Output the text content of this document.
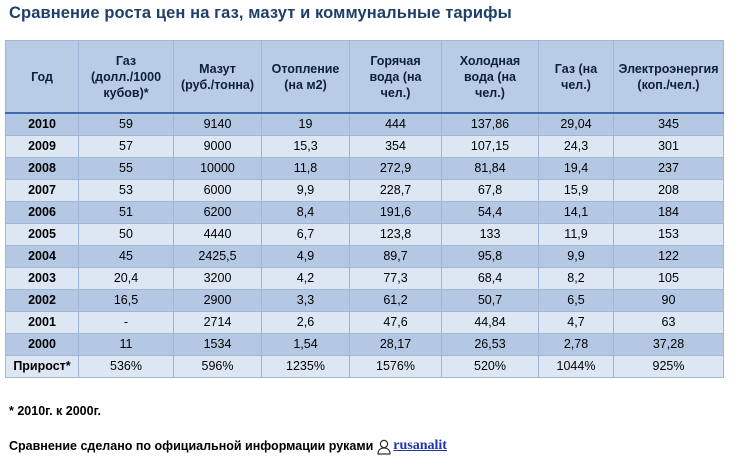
Сравнение роста цен на газ, мазут и коммунальные тарифы
Год	Газ
(долл./1000
кубов)*	Мазут
(руб./тонна)	Отопление
(на м2)	Горячая
вода (на
чел.)	Холодная
вода (на
чел.)	Газ (на
чел.)	Электроэнергия
(коп./чел.)
2010	59	9140	19	444	137,86	29,04	345
2009	57	9000	15,3	354	107,15	24,3	301
2008	55	10000	11,8	272,9	81,84	19,4	237
2007	53	6000	9,9	228,7	67,8	15,9	208
2006	51	6200	8,4	191,6	54,4	14,1	184
2005	50	4440	6,7	123,8	133	11,9	153
2004	45	2425,5	4,9	89,7	95,8	9,9	122
2003	20,4	3200	4,2	77,3	68,4	8,2	105
2002	16,5	2900	3,3	61,2	50,7	6,5	90
2001	-	2714	2,6	47,6	44,84	4,7	63
2000	11	1534	1,54	28,17	26,53	2,78	37,28
Прирост*	536%	596%	1235%	1576%	520%	1044%	925%
* 2010г. к 2000г.
Сравнение сделано по официальной информации руками rusanalit
